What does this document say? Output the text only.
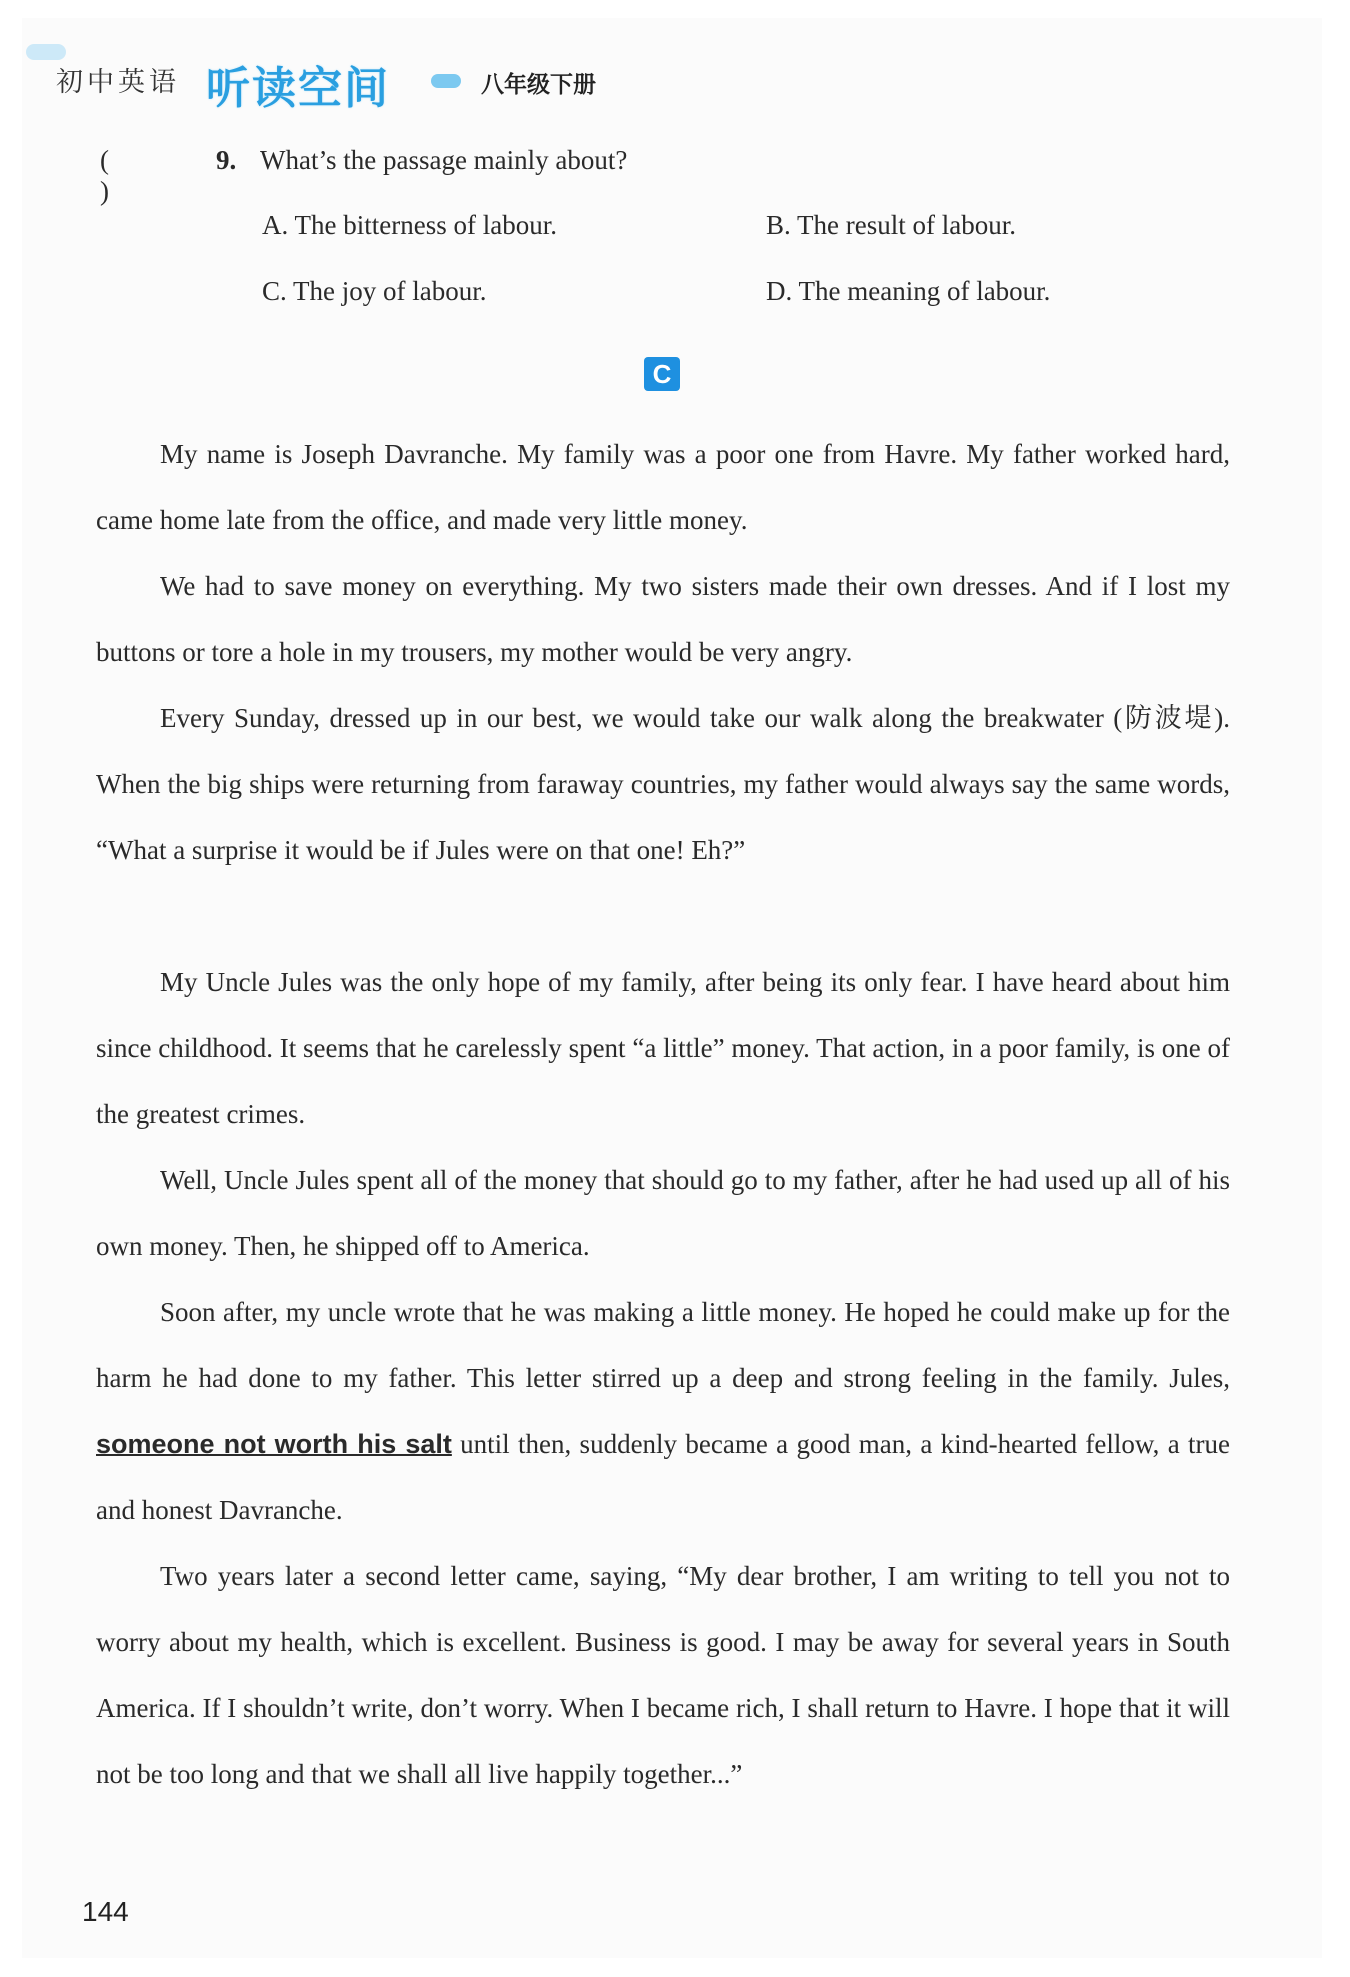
初中英语 听读空间	八年级下册
( )
9. What’s the passage mainly about?
A. The bitterness of labour.	B. The result of labour.
C. The joy of labour.	D. The meaning of labour.
C
My name is Joseph Davranche. My family was a poor one from Havre. My father worked hard, came home late from the office, and made very little money.
We had to save money on everything. My two sisters made their own dresses. And if I lost my buttons or tore a hole in my trousers, my mother would be very angry.
Every Sunday, dressed up in our best, we would take our walk along the breakwater (防波堤). When the big ships were returning from faraway countries, my father would always say the same words, “What a surprise it would be if Jules were on that one! Eh?”
My Uncle Jules was the only hope of my family, after being its only fear. I have heard about him since childhood. It seems that he carelessly spent “a little” money. That action, in a poor family, is one of the greatest crimes.
Well, Uncle Jules spent all of the money that should go to my father, after he had used up all of his own money. Then, he shipped off to America.
Soon after, my uncle wrote that he was making a little money. He hoped he could make up for the harm he had done to my father. This letter stirred up a deep and strong feeling in the family. Jules, someone not worth his salt until then, suddenly became a good man, a kind-hearted fellow, a true and honest Davranche.
Two years later a second letter came, saying, “My dear brother, I am writing to tell you not to worry about my health, which is excellent. Business is good. I may be away for several years in South America. If I shouldn’t write, don’t worry. When I became rich, I shall return to Havre. I hope that it will not be too long and that we shall all live happily together...”
144
